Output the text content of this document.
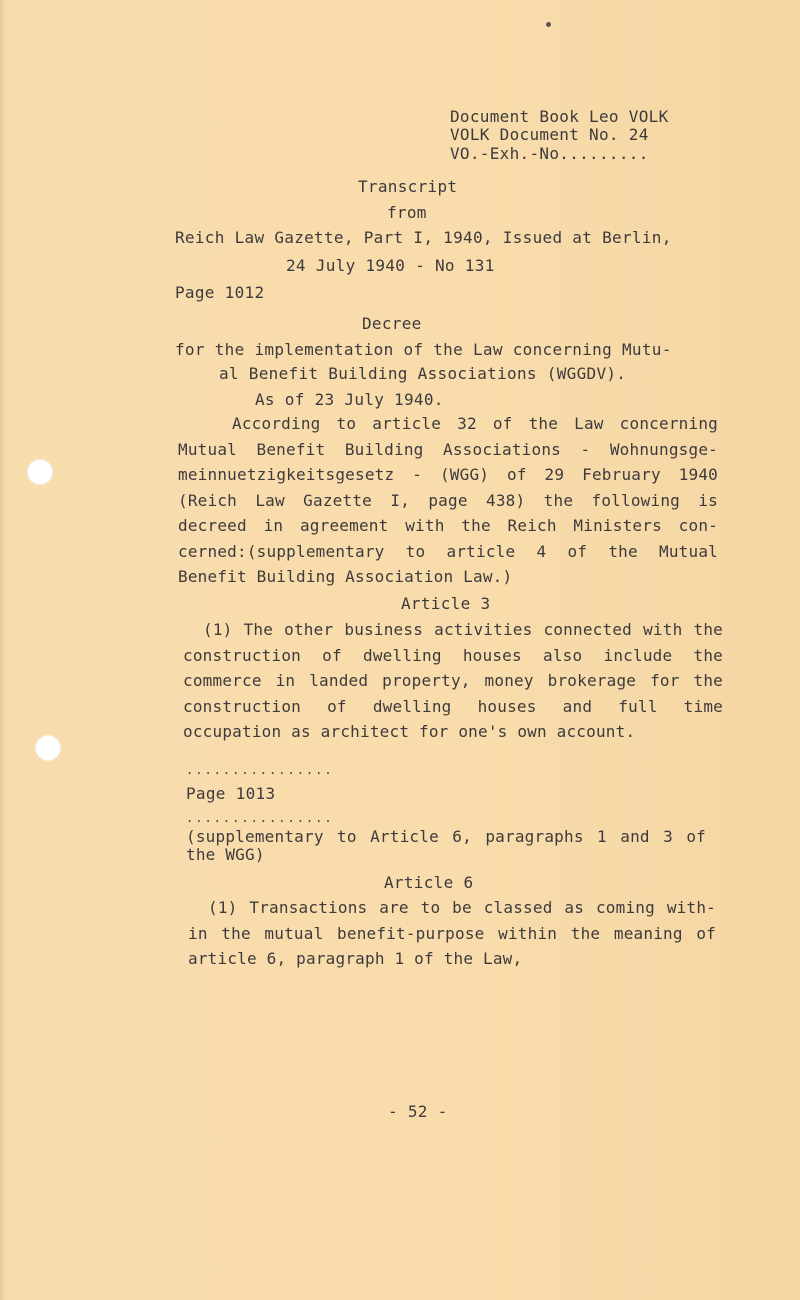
Document Book Leo VOLK
VOLK Document No. 24
VO.-Exh.-No.........
Transcript
from
Reich Law Gazette, Part I, 1940, Issued at Berlin,
24 July 1940 - No 131
Page 1012
Decree
for the implementation of the Law concerning Mutu-
al Benefit Building Associations (WGGDV).
As of 23 July 1940.
According to article 32 of the Law concerning Mutual Benefit Building Associations - Wohnungsge- meinnuetzigkeitsgesetz - (WGG) of 29 February 1940 (Reich Law Gazette I, page 438) the following is decreed in agreement with the Reich Ministers con- cerned:(supplementary to article 4 of the Mutual Benefit Building Association Law.)
Article 3
(1) The other business activities connected with the construction of dwelling houses also include the commerce in landed property, money brokerage for the construction of dwelling houses and full time occupation as architect for one's own account.
................
Page 1013
................
(supplementary to Article 6, paragraphs 1 and 3 of the WGG)
Article 6
(1) Transactions are to be classed as coming with- in the mutual benefit-purpose within the meaning of article 6, paragraph 1 of the Law,
- 52 -
